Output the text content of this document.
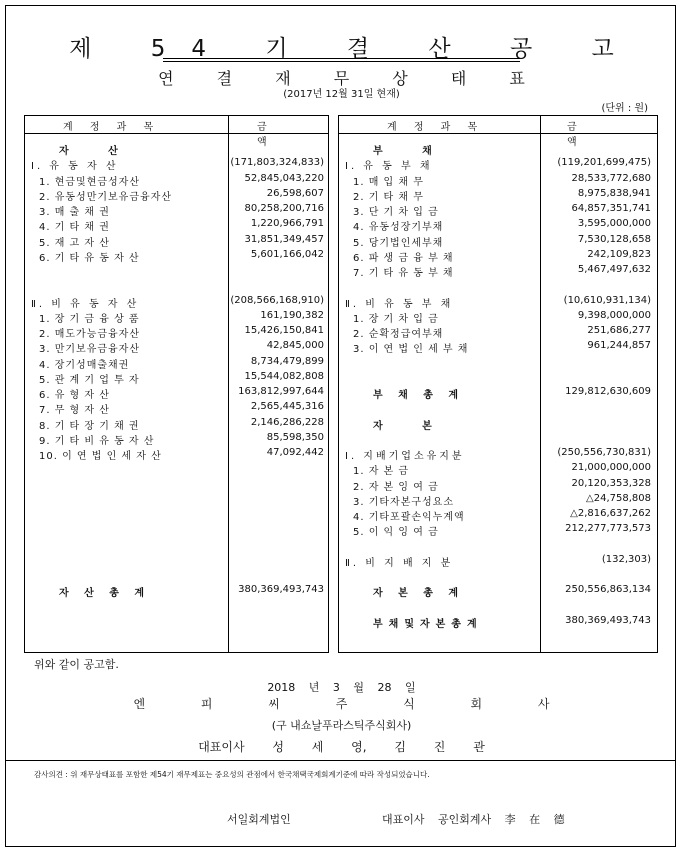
제 54 기 결 산 공 고
연 결 재 무 상 태 표
(2017년 12월 31일 현재)
(단위 : 원)
계 정 과 목	금 액
자 산
Ⅰ. 유 동 자 산	(171,803,324,833)
1. 현금및현금성자산	52,845,043,220
2. 유동성만기보유금융자산	26,598,607
3. 매 출 채 권	80,258,200,716
4. 기 타 채 권	1,220,966,791
5. 재 고 자 산	31,851,349,457
6. 기 타 유 동 자 산	5,601,166,042
Ⅱ. 비 유 동 자 산	(208,566,168,910)
1. 장 기 금 융 상 품	161,190,382
2. 매도가능금융자산	15,426,150,841
3. 만기보유금융자산	42,845,000
4. 장기성매출채권	8,734,479,899
5. 관 계 기 업 투 자	15,544,082,808
6. 유 형 자 산	163,812,997,644
7. 무 형 자 산	2,565,445,316
8. 기 타 장 기 채 권	2,146,286,228
9. 기 타 비 유 동 자 산	85,598,350
10. 이 연 법 인 세 자 산	47,092,442
자 산 총 계	380,369,493,743
계 정 과 목	금 액
부 채
Ⅰ. 유 동 부 채	(119,201,699,475)
1. 매 입 채 무	28,533,772,680
2. 기 타 채 무	8,975,838,941
3. 단 기 차 입 금	64,857,351,741
4. 유동성장기부채	3,595,000,000
5. 당기법인세부채	7,530,128,658
6. 파 생 금 융 부 채	242,109,823
7. 기 타 유 동 부 채	5,467,497,632
Ⅱ. 비 유 동 부 채	(10,610,931,134)
1. 장 기 차 입 금	9,398,000,000
2. 순확정급여부채	251,686,277
3. 이 연 법 인 세 부 채	961,244,857
부 채 총 계	129,812,630,609
자 본
Ⅰ. 지배기업소유지분	(250,556,730,831)
1. 자 본 금	21,000,000,000
2. 자 본 잉 여 금	20,120,353,328
3. 기타자본구성요소	△24,758,808
4. 기타포괄손익누계액	△2,816,637,262
5. 이 익 잉 여 금	212,277,773,573
Ⅱ. 비 지 배 지 분	(132,303)
자 본 총 계	250,556,863,134
부채및자본총계	380,369,493,743
위와 같이 공고함.
2018 년 3 월 28 일
엔 피 씨 주 식 회 사
(구 내쇼날푸라스틱주식회사)
대표이사 성 세 영, 김 진 관
감사의견 : 위 재무상태표를 포함한 제54기 재무제표는 중요성의 관점에서 한국채택국제회계기준에 따라 작성되었습니다.
서일회계법인	대표이사 공인회계사 李 在 德
